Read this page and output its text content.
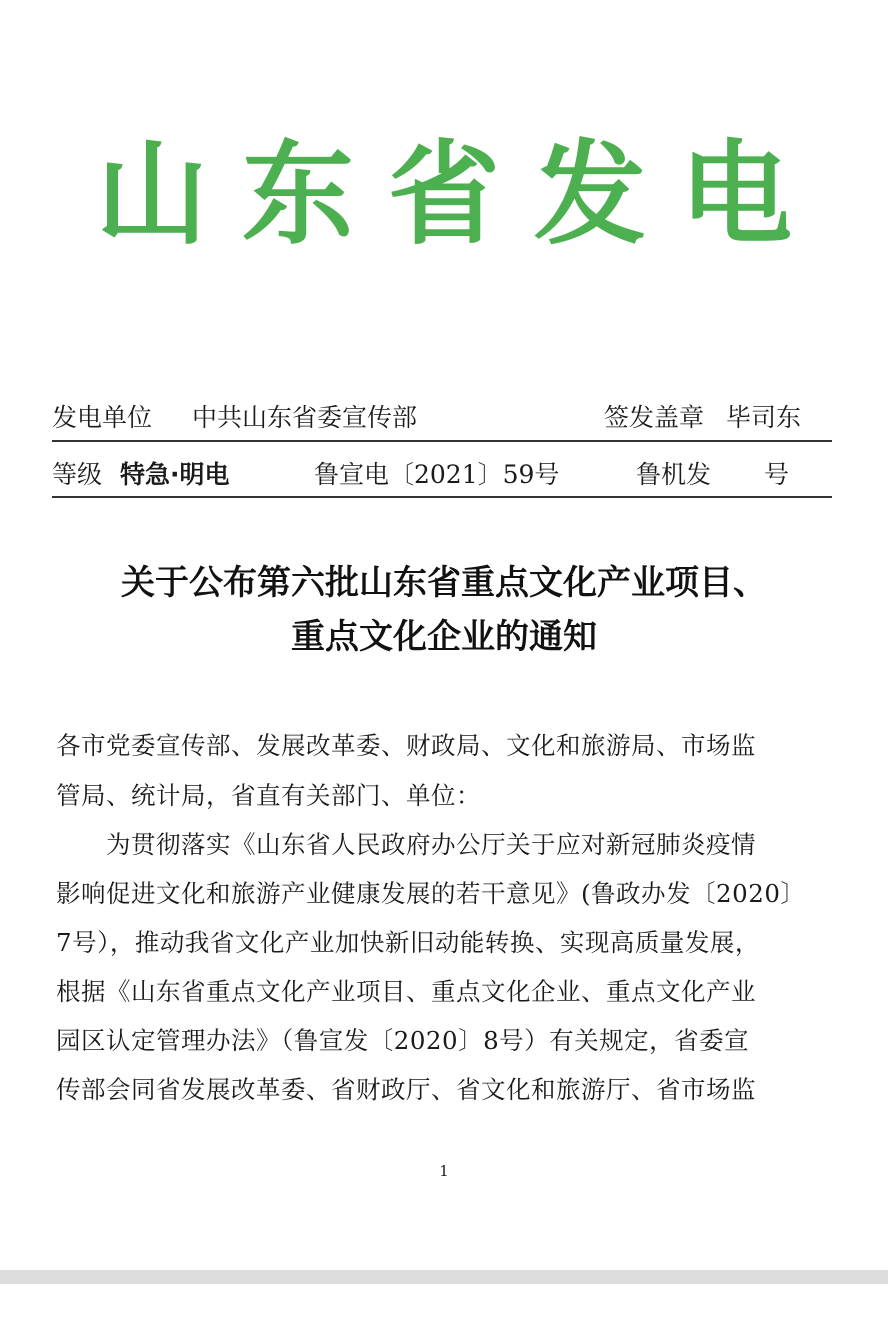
山东省发电
发电单位 中共山东省委宣传部	签发盖章 毕司东
等级 特急·明电	鲁宣电〔2021〕59号	鲁机发 号
关于公布第六批山东省重点文化产业项目、
重点文化企业的通知
各市党委宣传部、发展改革委、财政局、文化和旅游局、市场监
管局、统计局，省直有关部门、单位：
为贯彻落实《山东省人民政府办公厅关于应对新冠肺炎疫情
影响促进文化和旅游产业健康发展的若干意见》(鲁政办发〔2020〕
7号），推动我省文化产业加快新旧动能转换、实现高质量发展，
根据《山东省重点文化产业项目、重点文化企业、重点文化产业
园区认定管理办法》（鲁宣发〔2020〕8号）有关规定，省委宣
传部会同省发展改革委、省财政厅、省文化和旅游厅、省市场监
1
